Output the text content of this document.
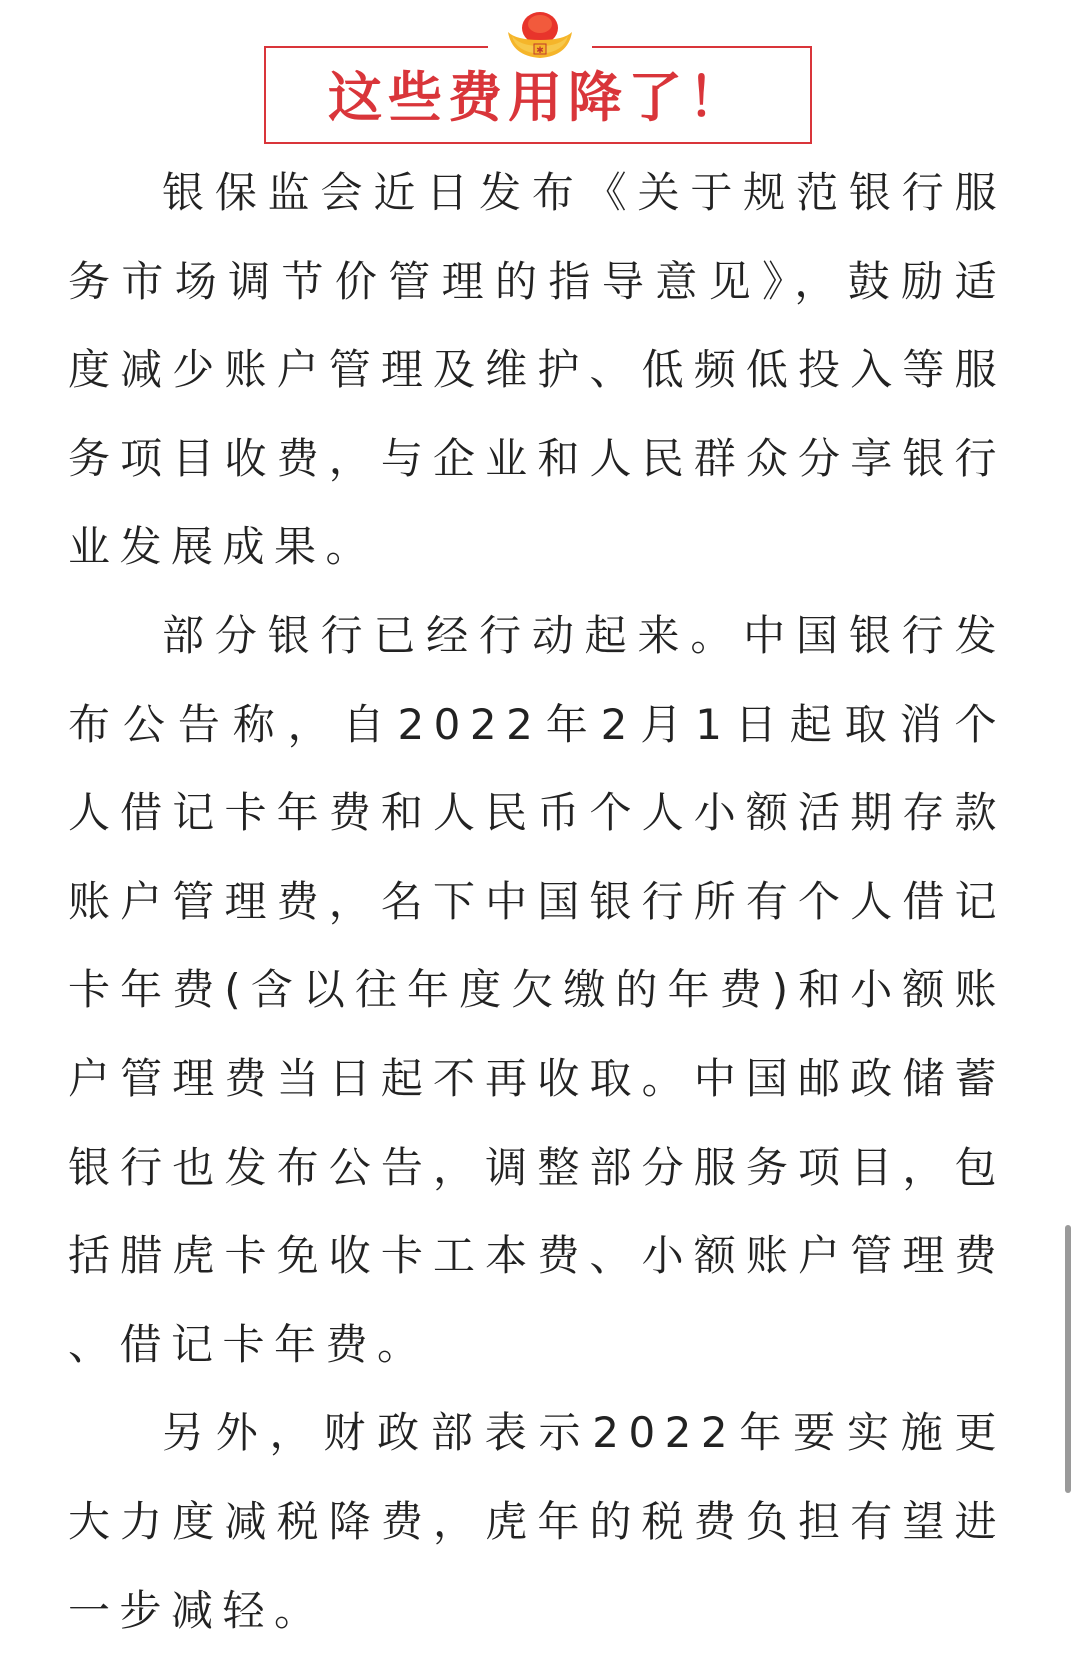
✱
这些费用降了！

银保监会近日发布《关于规范银行服务市场调节价管理的指导意见》，鼓励适度减少账户管理及维护、低频低投入等服务项目收费，与企业和人民群众分享银行业发展成果。

部分银行已经行动起来。中国银行发布公告称，自2022年2月1日起取消个人借记卡年费和人民币个人小额活期存款账户管理费，名下中国银行所有个人借记卡年费(含以往年度欠缴的年费)和小额账户管理费当日起不再收取。中国邮政储蓄银行也发布公告，调整部分服务项目，包括腊虎卡免收卡工本费、小额账户管理费、借记卡年费。

另外，财政部表示2022年要实施更大力度减税降费，虎年的税费负担有望进一步减轻。
